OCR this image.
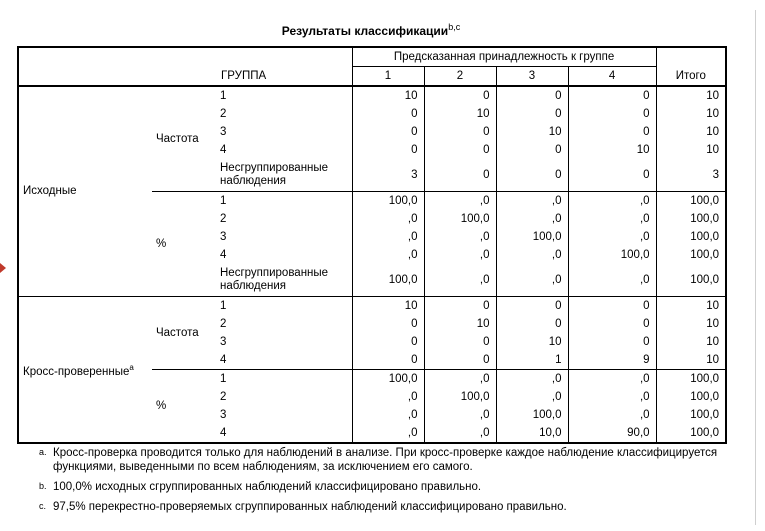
Результаты классификации$^{b,c}$
ГРУППА			Предсказанная принадлежность к группе				Итого
			1	2	3	4	
Исходные	Частота	1	10	0	0	0	10
		2	0	10	0	0	10
		3	0	0	10	0	10
		4	0	0	0	10	10
		Несгруппированные наблюдения	3	0	0	0	3
	%	1	100,0	,0	,0	,0	100,0
		2	,0	100,0	,0	,0	100,0
		3	,0	,0	100,0	,0	100,0
		4	,0	,0	,0	100,0	100,0
		Несгруппированные наблюдения	100,0	,0	,0	,0	100,0
Кросс-проверенные$^a$	Частота	1	10	0	0	0	10
		2	0	10	0	0	10
		3	0	0	10	0	10
		4	0	0	1	9	10
	%	1	100,0	,0	,0	,0	100,0
		2	,0	100,0	,0	,0	100,0
		3	,0	,0	100,0	,0	100,0
		4	,0	,0	10,0	90,0	100,0
a. Кросс-проверка проводится только для наблюдений в анализе. При кросс-проверке каждое наблюдение классифицируется функциями, выведенными по всем наблюдениям, за исключением его самого.
b. 100,0% исходных сгруппированных наблюдений классифицировано правильно.
c. 97,5% перекрестно-проверяемых сгруппированных наблюдений классифицировано правильно.
